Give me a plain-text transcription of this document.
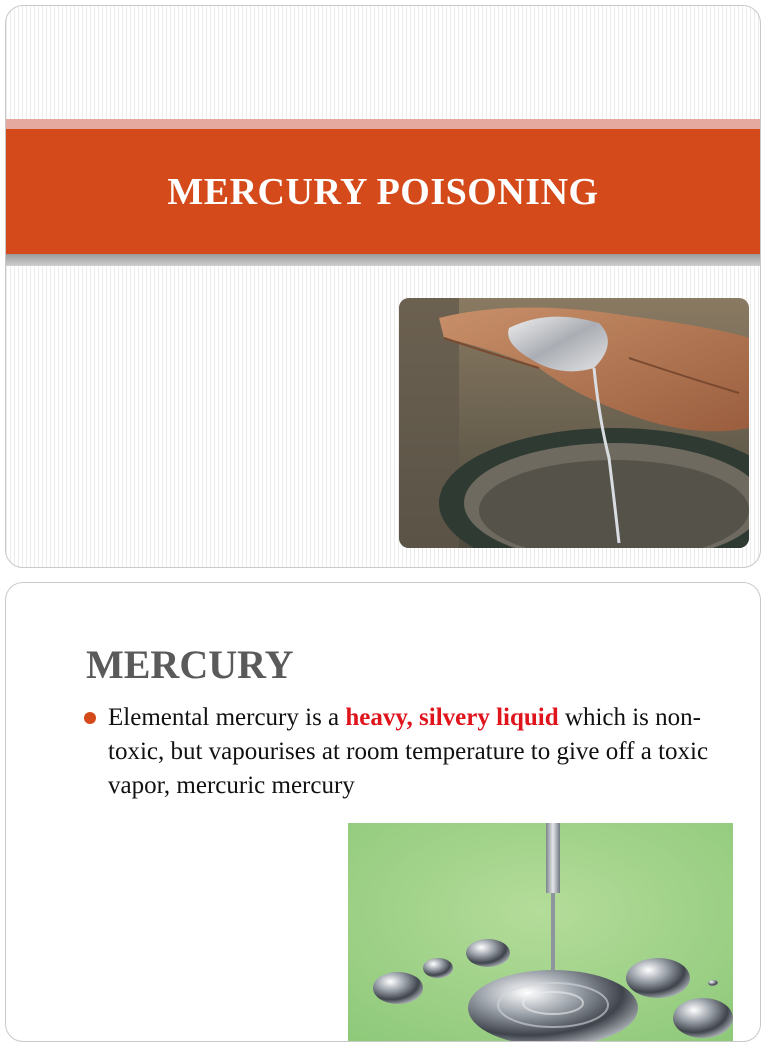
MERCURY POISONING
MERCURY
Elemental mercury is a heavy, silvery liquid which is non-toxic, but vapourises at room temperature to give off a toxic vapor, mercuric mercury
